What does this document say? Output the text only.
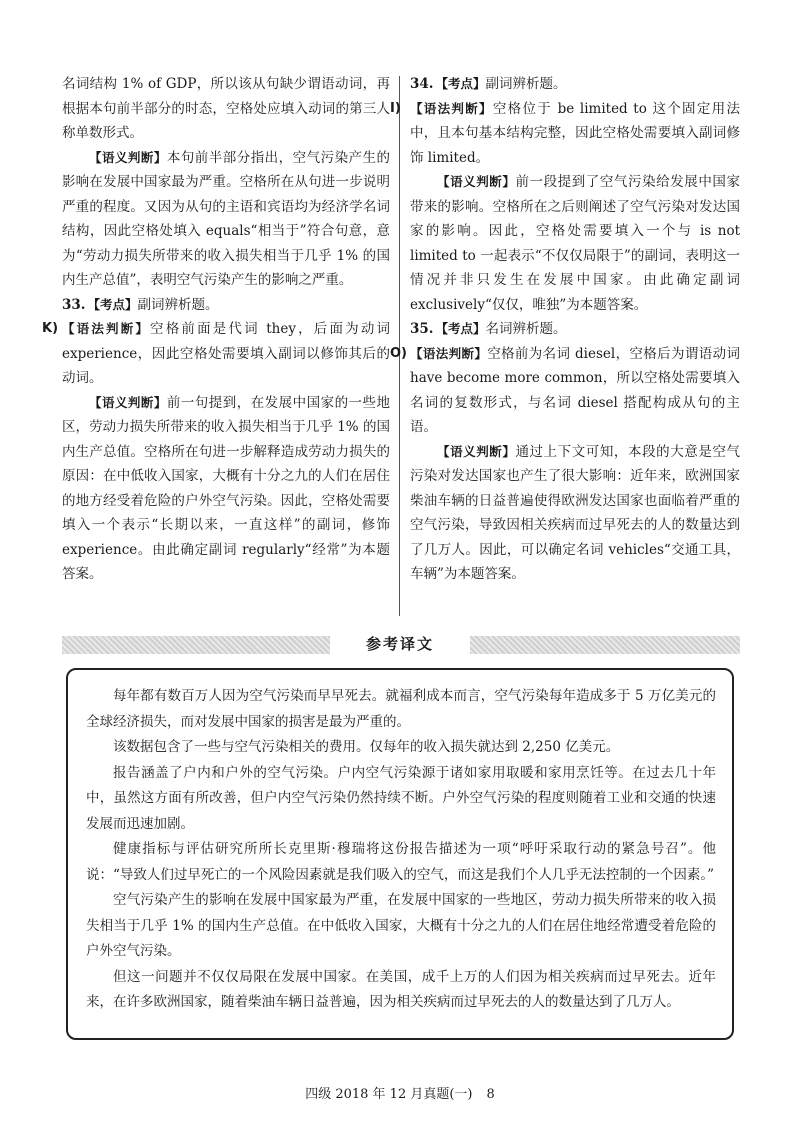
名词结构 1% of GDP，所以该从句缺少谓语动词，再根据本句前半部分的时态，空格处应填入动词的第三人称单数形式。

【语义判断】本句前半部分指出，空气污染产生的影响在发展中国家最为严重。空格所在从句进一步说明严重的程度。又因为从句的主语和宾语均为经济学名词结构，因此空格处填入 equals“相当于”符合句意，意为“劳动力损失所带来的收入损失相当于几乎 1% 的国内生产总值”，表明空气污染产生的影响之严重。

33. 【考点】副词辨析题。

K) 【语法判断】空格前面是代词 they，后面为动词 experience，因此空格处需要填入副词以修饰其后的动词。

【语义判断】前一句提到，在发展中国家的一些地区，劳动力损失所带来的收入损失相当于几乎 1% 的国内生产总值。空格所在句进一步解释造成劳动力损失的原因：在中低收入国家，大概有十分之九的人们在居住的地方经受着危险的户外空气污染。因此，空格处需要填入一个表示“长期以来，一直这样”的副词，修饰 experience。由此确定副词 regularly“经常”为本题答案。

34. 【考点】副词辨析题。

I) 【语法判断】空格位于 be limited to 这个固定用法中，且本句基本结构完整，因此空格处需要填入副词修饰 limited。

【语义判断】前一段提到了空气污染给发展中国家带来的影响。空格所在之后则阐述了空气污染对发达国家的影响。因此，空格处需要填入一个与 is not limited to 一起表示“不仅仅局限于”的副词，表明这一情况并非只发生在发展中国家。由此确定副词 exclusively“仅仅，唯独”为本题答案。

35. 【考点】名词辨析题。

O) 【语法判断】空格前为名词 diesel，空格后为谓语动词 have become more common，所以空格处需要填入名词的复数形式，与名词 diesel 搭配构成从句的主语。

【语义判断】通过上下文可知，本段的大意是空气污染对发达国家也产生了很大影响：近年来，欧洲国家柴油车辆的日益普遍使得欧洲发达国家也面临着严重的空气污染，导致因相关疾病而过早死去的人的数量达到了几万人。因此，可以确定名词 vehicles“交通工具，车辆”为本题答案。

参考译文

每年都有数百万人因为空气污染而早早死去。就福利成本而言，空气污染每年造成多于 5 万亿美元的全球经济损失，而对发展中国家的损害是最为严重的。

该数据包含了一些与空气污染相关的费用。仅每年的收入损失就达到 2,250 亿美元。

报告涵盖了户内和户外的空气污染。户内空气污染源于诸如家用取暖和家用烹饪等。在过去几十年中，虽然这方面有所改善，但户内空气污染仍然持续不断。户外空气污染的程度则随着工业和交通的快速发展而迅速加剧。

健康指标与评估研究所所长克里斯·穆瑞将这份报告描述为一项“呼吁采取行动的紧急号召”。他说：“导致人们过早死亡的一个风险因素就是我们吸入的空气，而这是我们个人几乎无法控制的一个因素。”

空气污染产生的影响在发展中国家最为严重，在发展中国家的一些地区，劳动力损失所带来的收入损失相当于几乎 1% 的国内生产总值。在中低收入国家，大概有十分之九的人们在居住地经常遭受着危险的户外空气污染。

但这一问题并不仅仅局限在发展中国家。在美国，成千上万的人们因为相关疾病而过早死去。近年来，在许多欧洲国家，随着柴油车辆日益普遍，因为相关疾病而过早死去的人的数量达到了几万人。

四级 2018 年 12 月真题(一) 8
